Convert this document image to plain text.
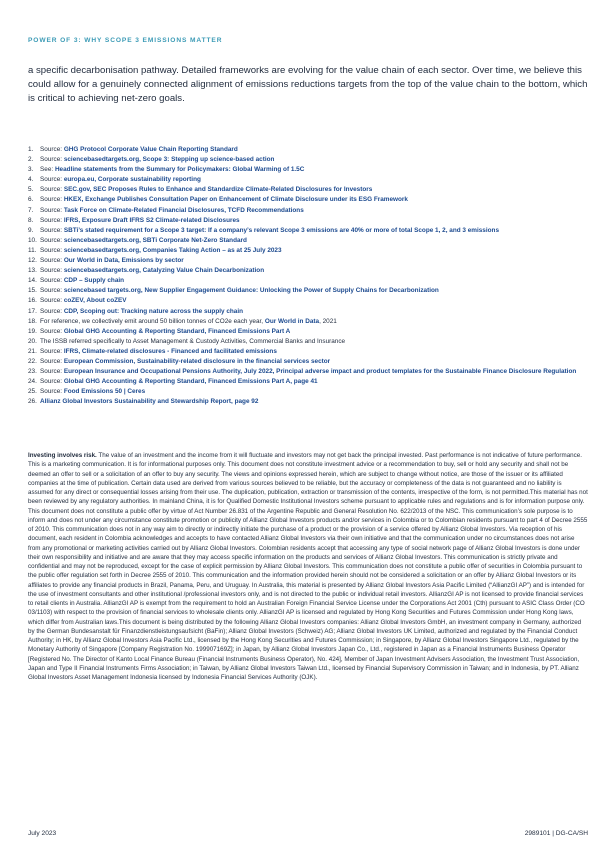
POWER OF 3: WHY SCOPE 3 EMISSIONS MATTER

a specific decarbonisation pathway. Detailed frameworks are evolving for the value chain of each sector. Over time, we believe this could allow for a genuinely connected alignment of emissions reductions targets from the top of the value chain to the bottom, which is critical to achieving net-zero goals.

1.	Source: GHG Protocol Corporate Value Chain Reporting Standard
2.	Source: sciencebasedtargets.org, Scope 3: Stepping up science-based action
3.	See: Headline statements from the Summary for Policymakers: Global Warming of 1.5C
4.	Source: europa.eu, Corporate sustainability reporting
5.	Source: SEC.gov, SEC Proposes Rules to Enhance and Standardize Climate-Related Disclosures for Investors
6.	Source: HKEX, Exchange Publishes Consultation Paper on Enhancement of Climate Disclosure under its ESG Framework
7.	Source: Task Force on Climate-Related Financial Disclosures, TCFD Recommendations
8.	Source: IFRS, Exposure Draft IFRS S2 Climate-related Disclosures
9.	Source: SBTi’s stated requirement for a Scope 3 target: If a company’s relevant Scope 3 emissions are 40% or more of total Scope 1, 2, and 3 emissions
10. Source: sciencebasedtargets.org, SBTi Corporate Net-Zero Standard
11. Source: sciencebasedtargets.org, Companies Taking Action – as at 25 July 2023
12. Source: Our World in Data, Emissions by sector
13. Source: sciencebasedtargets.org, Catalyzing Value Chain Decarbonization
14. Source: CDP – Supply chain
15. Source: sciencebased targets.org, New Supplier Engagement Guidance: Unlocking the Power of Supply Chains for Decarbonization
16. Source: coZEV, About coZEV
17. Source: CDP, Scoping out: Tracking nature across the supply chain
18. For reference, we collectively emit around 50 billion tonnes of CO2e each year, Our World in Data, 2021
19. Source: Global GHG Accounting & Reporting Standard, Financed Emissions Part A
20. The ISSB referred specifically to Asset Management & Custody Activities, Commercial Banks and Insurance
21. Source: IFRS, Climate-related disclosures - Financed and facilitated emissions
22. Source: European Commission, Sustainability-related disclosure in the financial services sector
23. Source: European Insurance and Occupational Pensions Authority, July 2022, Principal adverse impact and product templates for the Sustainable Finance Disclosure Regulation
24. Source: Global GHG Accounting & Reporting Standard, Financed Emissions Part A, page 41
25. Source: Food Emissions 50 | Ceres
26. Allianz Global Investors Sustainability and Stewardship Report, page 92

Investing involves risk. The value of an investment and the income from it will fluctuate and investors may not get back the principal invested. Past performance is not indicative of future performance. This is a marketing communication. It is for informational purposes only. This document does not constitute investment advice or a recommendation to buy, sell or hold any security and shall not be deemed an offer to sell or a solicitation of an offer to buy any security. The views and opinions expressed herein, which are subject to change without notice, are those of the issuer or its affiliated companies at the time of publication. Certain data used are derived from various sources believed to be reliable, but the accuracy or completeness of the data is not guaranteed and no liability is assumed for any direct or consequential losses arising from their use. The duplication, publication, extraction or transmission of the contents, irrespective of the form, is not permitted.This material has not been reviewed by any regulatory authorities. In mainland China, it is for Qualified Domestic Institutional Investors scheme pursuant to applicable rules and regulations and is for information purpose only. This document does not constitute a public offer by virtue of Act Number 26.831 of the Argentine Republic and General Resolution No. 622/2013 of the NSC. This communication’s sole purpose is to inform and does not under any circumstance constitute promotion or publicity of Allianz Global Investors products and/or services in Colombia or to Colombian residents pursuant to part 4 of Decree 2555 of 2010. This communication does not in any way aim to directly or indirectly initiate the purchase of a product or the provision of a service offered by Allianz Global Investors. Via reception of his document, each resident in Colombia acknowledges and accepts to have contacted Allianz Global Investors via their own initiative and that the communication under no circumstances does not arise from any promotional or marketing activities carried out by Allianz Global Investors. Colombian residents accept that accessing any type of social network page of Allianz Global Investors is done under their own responsibility and initiative and are aware that they may access specific information on the products and services of Allianz Global Investors. This communication is strictly private and confidential and may not be reproduced, except for the case of explicit permission by Allianz Global Investors. This communication does not constitute a public offer of securities in Colombia pursuant to the public offer regulation set forth in Decree 2555 of 2010. This communication and the information provided herein should not be considered a solicitation or an offer by Allianz Global Investors or its affiliates to provide any financial products in Brazil, Panama, Peru, and Uruguay. In Australia, this material is presented by Allianz Global Investors Asia Pacific Limited (“AllianzGI AP”) and is intended for the use of investment consultants and other institutional /professional investors only, and is not directed to the public or individual retail investors. AllianzGI AP is not licensed to provide financial services to retail clients in Australia. AllianzGI AP is exempt from the requirement to hold an Australian Foreign Financial Service License under the Corporations Act 2001 (Cth) pursuant to ASIC Class Order (CO 03/1103) with respect to the provision of financial services to wholesale clients only. AllianzGI AP is licensed and regulated by Hong Kong Securities and Futures Commission under Hong Kong laws, which differ from Australian laws.This document is being distributed by the following Allianz Global Investors companies: Allianz Global Investors GmbH, an investment company in Germany, authorized by the German Bundesanstalt für Finanzdienstleistungsaufsicht (BaFin); Allianz Global Investors (Schweiz) AG; Allianz Global Investors UK Limited, authorized and regulated by the Financial Conduct Authority; in HK, by Allianz Global Investors Asia Pacific Ltd., licensed by the Hong Kong Securities and Futures Commission; in Singapore, by Allianz Global Investors Singapore Ltd., regulated by the Monetary Authority of Singapore [Company Registration No. 199907169Z]; in Japan, by Allianz Global Investors Japan Co., Ltd., registered in Japan as a Financial Instruments Business Operator [Registered No. The Director of Kanto Local Finance Bureau (Financial Instruments Business Operator), No. 424], Member of Japan Investment Advisers Association, the Investment Trust Association, Japan and Type II Financial Instruments Firms Association; in Taiwan, by Allianz Global Investors Taiwan Ltd., licensed by Financial Supervisory Commission in Taiwan; and in Indonesia, by PT. Allianz Global Investors Asset Management Indonesia licensed by Indonesia Financial Services Authority (OJK).

July 2023	2989101 | DG-CA/SH
